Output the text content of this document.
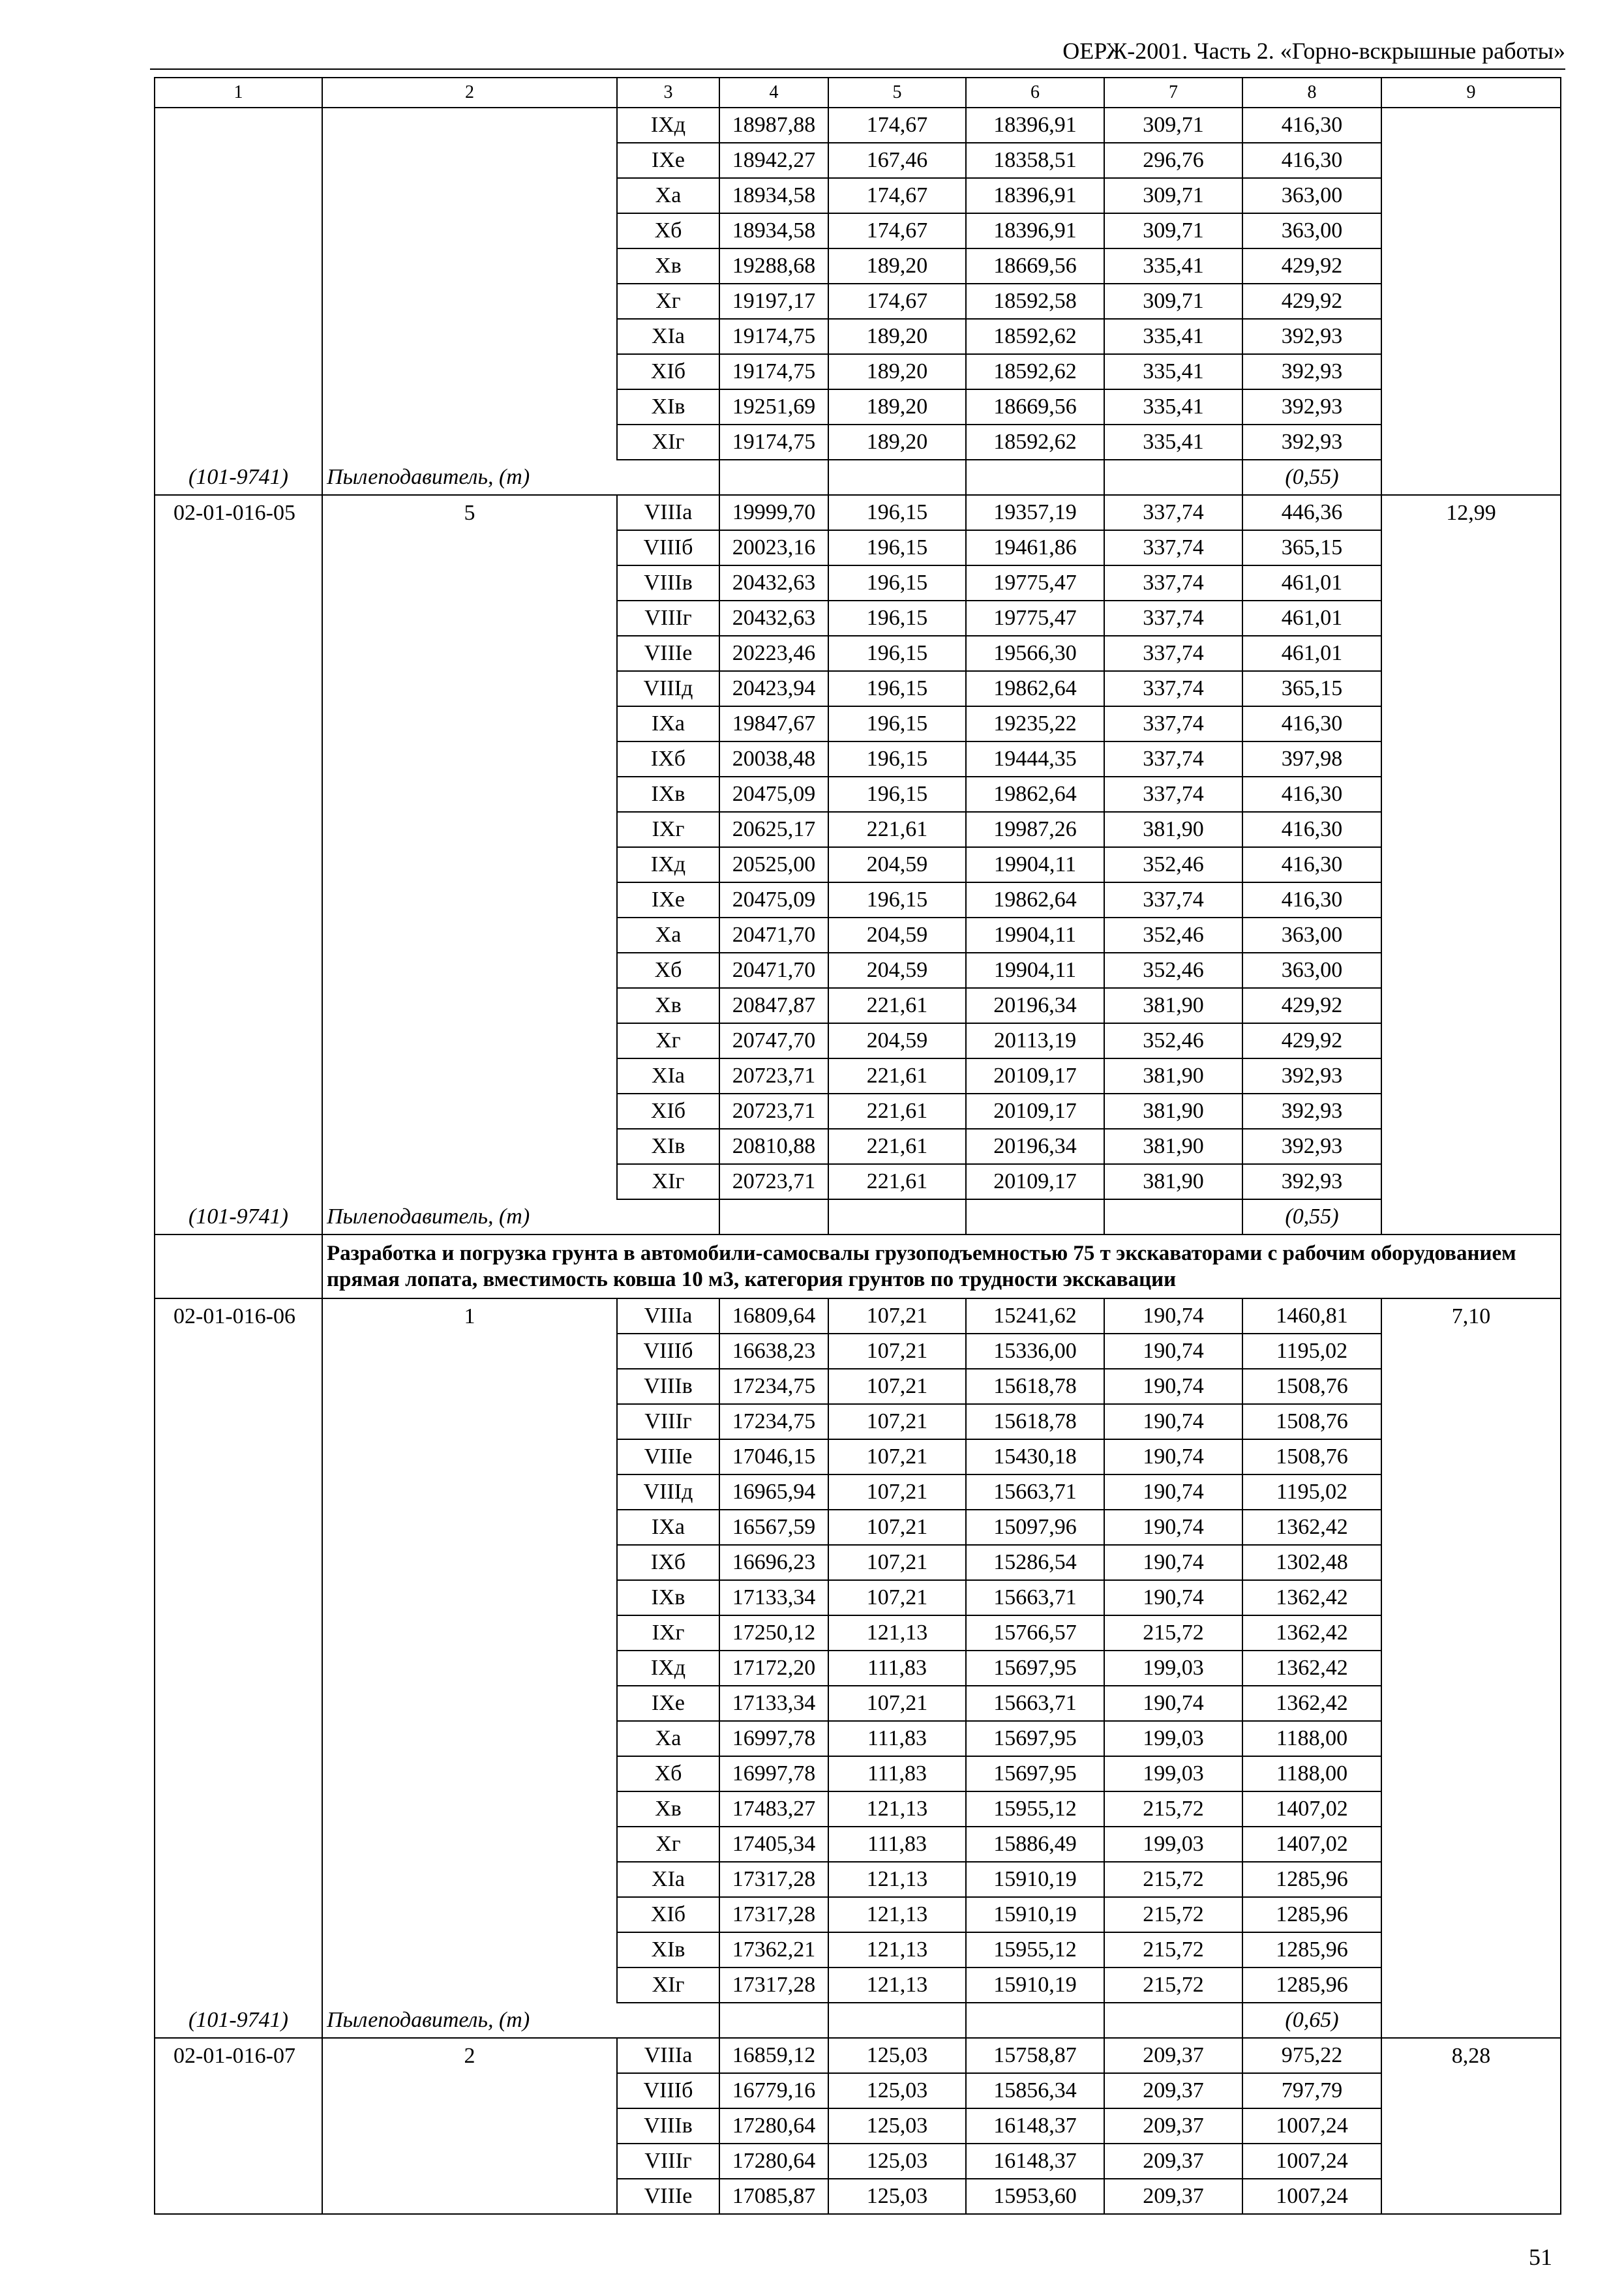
ОЕРЖ-2001. Часть 2. «Горно-вскрышные работы»
1	2	3	4	5	6	7	8	9
		IXд	18987,88	174,67	18396,91	309,71	416,30	
		IXе	18942,27	167,46	18358,51	296,76	416,30	
		Xа	18934,58	174,67	18396,91	309,71	363,00	
		Xб	18934,58	174,67	18396,91	309,71	363,00	
		Xв	19288,68	189,20	18669,56	335,41	429,92	
		Xг	19197,17	174,67	18592,58	309,71	429,92	
		XIа	19174,75	189,20	18592,62	335,41	392,93	
		XIб	19174,75	189,20	18592,62	335,41	392,93	
		XIв	19251,69	189,20	18669,56	335,41	392,93	
		XIг	19174,75	189,20	18592,62	335,41	392,93	
(101-9741)	Пылеподавитель, (т)						(0,55)	
02-01-016-05	5	VIIIа	19999,70	196,15	19357,19	337,74	446,36	12,99
		VIIIб	20023,16	196,15	19461,86	337,74	365,15	
		VIIIв	20432,63	196,15	19775,47	337,74	461,01	
		VIIIг	20432,63	196,15	19775,47	337,74	461,01	
		VIIIе	20223,46	196,15	19566,30	337,74	461,01	
		VIIIд	20423,94	196,15	19862,64	337,74	365,15	
		IXа	19847,67	196,15	19235,22	337,74	416,30	
		IXб	20038,48	196,15	19444,35	337,74	397,98	
		IXв	20475,09	196,15	19862,64	337,74	416,30	
		IXг	20625,17	221,61	19987,26	381,90	416,30	
		IXд	20525,00	204,59	19904,11	352,46	416,30	
		IXе	20475,09	196,15	19862,64	337,74	416,30	
		Xа	20471,70	204,59	19904,11	352,46	363,00	
		Xб	20471,70	204,59	19904,11	352,46	363,00	
		Xв	20847,87	221,61	20196,34	381,90	429,92	
		Xг	20747,70	204,59	20113,19	352,46	429,92	
		XIа	20723,71	221,61	20109,17	381,90	392,93	
		XIб	20723,71	221,61	20109,17	381,90	392,93	
		XIв	20810,88	221,61	20196,34	381,90	392,93	
		XIг	20723,71	221,61	20109,17	381,90	392,93	
(101-9741)	Пылеподавитель, (т)						(0,55)	
	Разработка и погрузка грунта в автомобили-самосвалы грузоподъемностью 75 т экскаваторами с рабочим оборудованием прямая лопата, вместимость ковша 10 м3, категория грунтов по трудности экскавации							
02-01-016-06	1	VIIIа	16809,64	107,21	15241,62	190,74	1460,81	7,10
		VIIIб	16638,23	107,21	15336,00	190,74	1195,02	
		VIIIв	17234,75	107,21	15618,78	190,74	1508,76	
		VIIIг	17234,75	107,21	15618,78	190,74	1508,76	
		VIIIе	17046,15	107,21	15430,18	190,74	1508,76	
		VIIIд	16965,94	107,21	15663,71	190,74	1195,02	
		IXа	16567,59	107,21	15097,96	190,74	1362,42	
		IXб	16696,23	107,21	15286,54	190,74	1302,48	
		IXв	17133,34	107,21	15663,71	190,74	1362,42	
		IXг	17250,12	121,13	15766,57	215,72	1362,42	
		IXд	17172,20	111,83	15697,95	199,03	1362,42	
		IXе	17133,34	107,21	15663,71	190,74	1362,42	
		Xа	16997,78	111,83	15697,95	199,03	1188,00	
		Xб	16997,78	111,83	15697,95	199,03	1188,00	
		Xв	17483,27	121,13	15955,12	215,72	1407,02	
		Xг	17405,34	111,83	15886,49	199,03	1407,02	
		XIа	17317,28	121,13	15910,19	215,72	1285,96	
		XIб	17317,28	121,13	15910,19	215,72	1285,96	
		XIв	17362,21	121,13	15955,12	215,72	1285,96	
		XIг	17317,28	121,13	15910,19	215,72	1285,96	
(101-9741)	Пылеподавитель, (т)						(0,65)	
02-01-016-07	2	VIIIа	16859,12	125,03	15758,87	209,37	975,22	8,28
		VIIIб	16779,16	125,03	15856,34	209,37	797,79	
		VIIIв	17280,64	125,03	16148,37	209,37	1007,24	
		VIIIг	17280,64	125,03	16148,37	209,37	1007,24	
		VIIIе	17085,87	125,03	15953,60	209,37	1007,24	
51
